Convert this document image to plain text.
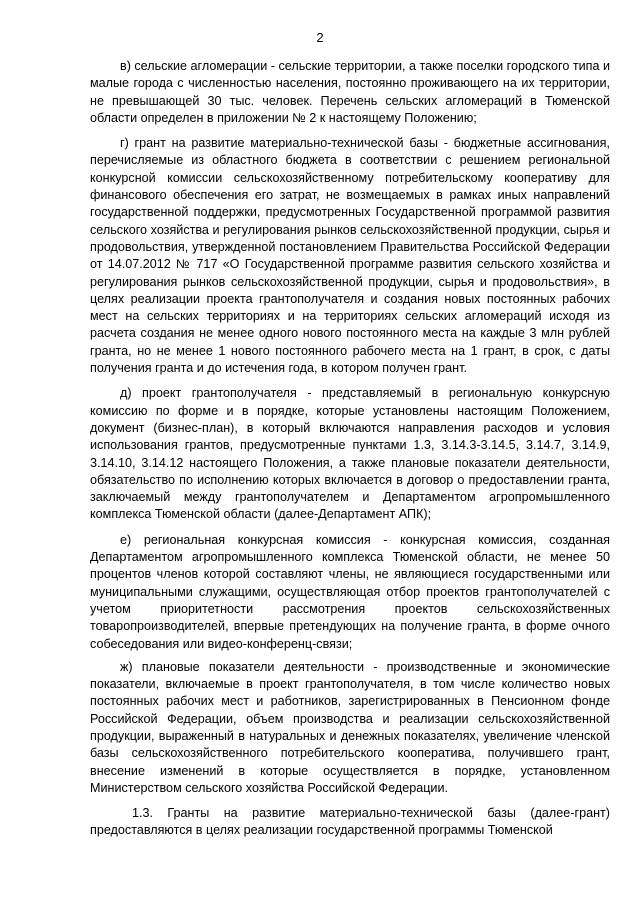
2

в) сельские агломерации - сельские территории, а также поселки городского типа и малые города с численностью населения, постоянно проживающего на их территории, не превышающей 30 тыс. человек. Перечень сельских агломераций в Тюменской области определен в приложении № 2 к настоящему Положению;

г) грант на развитие материально-технической базы - бюджетные ассигнования, перечисляемые из областного бюджета в соответствии с решением региональной конкурсной комиссии сельскохозяйственному потребительскому кооперативу для финансового обеспечения его затрат, не возмещаемых в рамках иных направлений государственной поддержки, предусмотренных Государственной программой развития сельского хозяйства и регулирования рынков сельскохозяйственной продукции, сырья и продовольствия, утвержденной постановлением Правительства Российской Федерации от 14.07.2012 № 717 «О Государственной программе развития сельского хозяйства и регулирования рынков сельскохозяйственной продукции, сырья и продовольствия», в целях реализации проекта грантополучателя и создания новых постоянных рабочих мест на сельских территориях и на территориях сельских агломераций исходя из расчета создания не менее одного нового постоянного места на каждые 3 млн рублей гранта, но не менее 1 нового постоянного рабочего места на 1 грант, в срок, с даты получения гранта и до истечения года, в котором получен грант.

д) проект грантополучателя - представляемый в региональную конкурсную комиссию по форме и в порядке, которые установлены настоящим Положением, документ (бизнес-план), в который включаются направления расходов и условия использования грантов, предусмотренные пунктами 1.3, 3.14.3-3.14.5, 3.14.7, 3.14.9, 3.14.10, 3.14.12 настоящего Положения, а также плановые показатели деятельности, обязательство по исполнению которых включается в договор о предоставлении гранта, заключаемый между грантополучателем и Департаментом агропромышленного комплекса Тюменской области (далее-Департамент АПК);

е) региональная конкурсная комиссия - конкурсная комиссия, созданная Департаментом агропромышленного комплекса Тюменской области, не менее 50 процентов членов которой составляют члены, не являющиеся государственными или муниципальными служащими, осуществляющая отбор проектов грантополучателей с учетом приоритетности рассмотрения проектов сельскохозяйственных товаропроизводителей, впервые претендующих на получение гранта, в форме очного собеседования или видео-конференц-связи;

ж) плановые показатели деятельности - производственные и экономические показатели, включаемые в проект грантополучателя, в том числе количество новых постоянных рабочих мест и работников, зарегистрированных в Пенсионном фонде Российской Федерации, объем производства и реализации сельскохозяйственной продукции, выраженный в натуральных и денежных показателях, увеличение членской базы сельскохозяйственного потребительского кооператива, получившего грант, внесение изменений в которые осуществляется в порядке, установленном Министерством сельского хозяйства Российской Федерации.

1.3. Гранты на развитие материально-технической базы (далее-грант) предоставляются в целях реализации государственной программы Тюменской
